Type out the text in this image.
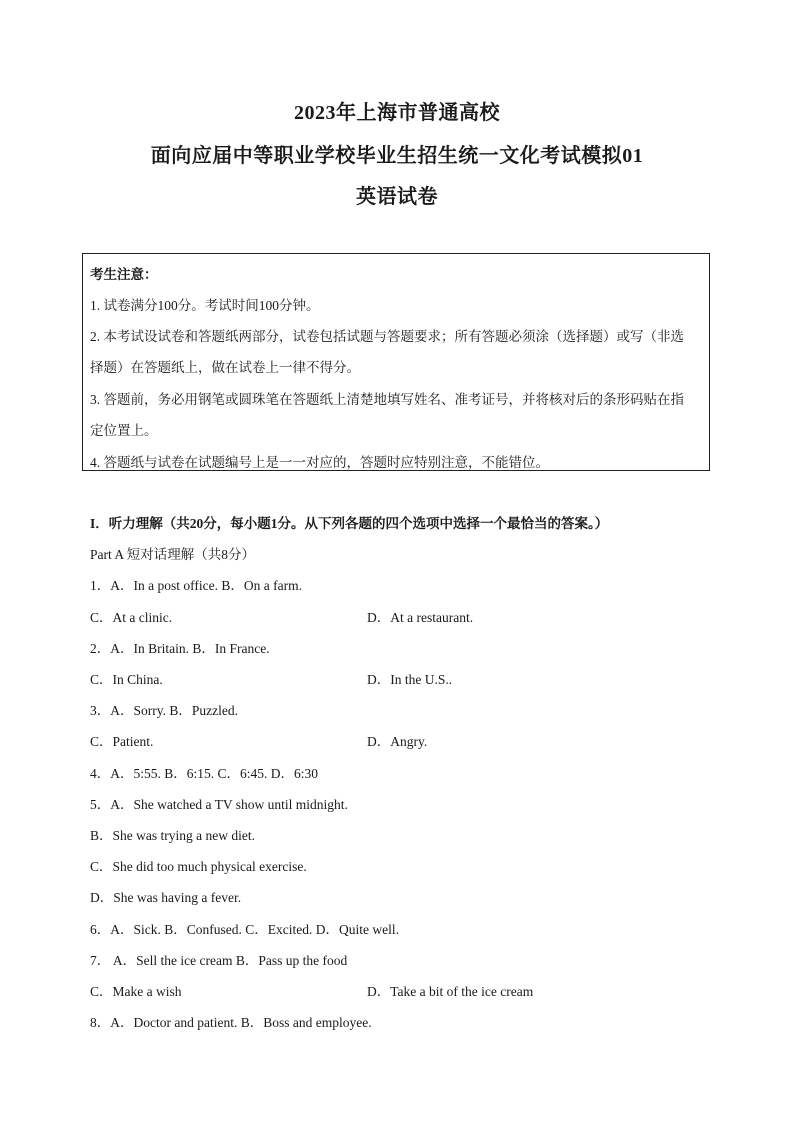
2023年上海市普通高校
面向应届中等职业学校毕业生招生统一文化考试模拟01
英语试卷
考生注意：
1. 试卷满分100分。考试时间100分钟。
2. 本考试设试卷和答题纸两部分，试卷包括试题与答题要求；所有答题必须涂（选择题）或写（非选
择题）在答题纸上，做在试卷上一律不得分。
3. 答题前，务必用钢笔或圆珠笔在答题纸上清楚地填写姓名、准考证号，并将核对后的条形码贴在指
定位置上。
4. 答题纸与试卷在试题编号上是一一对应的，答题时应特别注意，不能错位。
I．听力理解（共20分，每小题1分。从下列各题的四个选项中选择一个最恰当的答案。）
Part A 短对话理解（共8分）
1．A．In a post office. B．On a farm.
C．At a clinic.	D．At a restaurant.
2．A．In Britain. B．In France.
C．In China.	D．In the U.S..
3．A．Sorry. B．Puzzled.
C．Patient.	D．Angry.
4．A．5:55. B．6:15. C．6:45. D．6:30
5．A．She watched a TV show until midnight.
B．She was trying a new diet.
C．She did too much physical exercise.
D．She was having a fever.
6．A．Sick. B．Confused. C．Excited. D．Quite well.
7． A．Sell the ice cream B．Pass up the food
C．Make a wish	D．Take a bit of the ice cream
8．A．Doctor and patient. B．Boss and employee.
